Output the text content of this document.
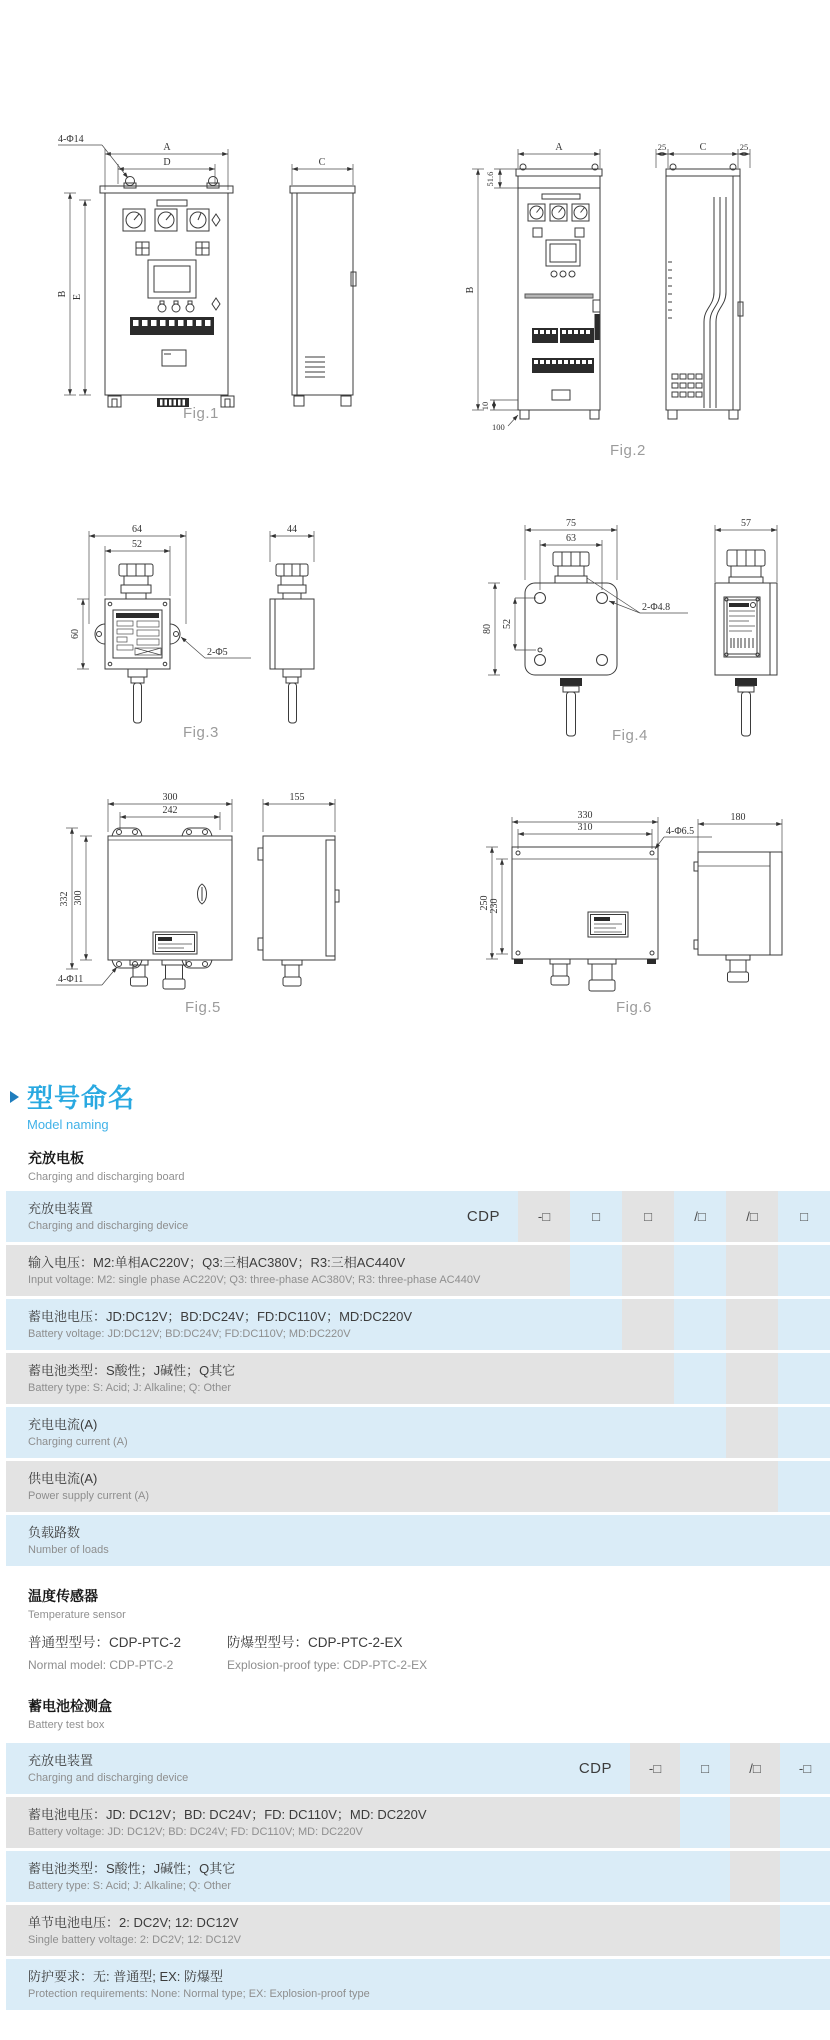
A
D
4-Φ14
B E
C
Fig.1
A
51.6
B
10
100
25	C	25
Fig.2
64
52
60
2-Φ5
44
Fig.3
75
63
80 52
2-Φ4.8
57
Fig.4
300
242
332 300
4-Φ11
155
Fig.5
330
310
250 230
4-Φ6.5
180
Fig.6
型号命名
Model naming
充放电板
Charging and discharging board
充放电装置
Charging and discharging device
CDP	-□	□	□	/□	/□	□
输入电压：M2:单相AC220V；Q3:三相AC380V；R3:三相AC440V
Input voltage: M2: single phase AC220V; Q3: three-phase AC380V; R3: three-phase AC440V
蓄电池电压：JD:DC12V；BD:DC24V；FD:DC110V；MD:DC220V
Battery voltage: JD:DC12V; BD:DC24V; FD:DC110V; MD:DC220V
蓄电池类型：S酸性；J碱性；Q其它
Battery type: S: Acid; J: Alkaline; Q: Other
充电电流(A)
Charging current (A)
供电电流(A)
Power supply current (A)
负载路数
Number of loads
温度传感器
Temperature sensor
普通型型号：CDP-PTC-2
Normal model: CDP-PTC-2
防爆型型号：CDP-PTC-2-EX
Explosion-proof type: CDP-PTC-2-EX
蓄电池检测盒
Battery test box
充放电装置
Charging and discharging device
CDP	-□	□	/□	-□
蓄电池电压：JD: DC12V；BD: DC24V；FD: DC110V；MD: DC220V
Battery voltage: JD: DC12V; BD: DC24V; FD: DC110V; MD: DC220V
蓄电池类型：S酸性；J碱性；Q其它
Battery type: S: Acid; J: Alkaline; Q: Other
单节电池电压：2: DC2V; 12: DC12V
Single battery voltage: 2: DC2V; 12: DC12V
防护要求：无: 普通型; EX: 防爆型
Protection requirements: None: Normal type; EX: Explosion-proof type
